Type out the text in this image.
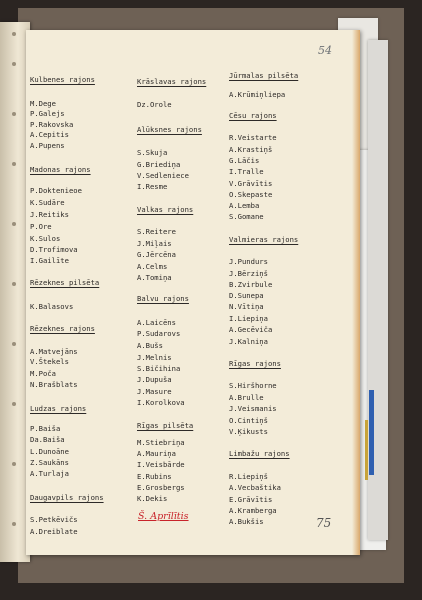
54
Kulbenes rajons
M.Dege
P.Galejs
P.Rakovska
A.Cepitis
A.Pupens
Madonas rajons
P.Doktenieoe
K.Sudāre
J.Reitiks
P.Ore
K.Sulos
D.Trofimova
I.Gailīte
Rēzeknes pilsēta
K.Balasovs
Rēzeknes rajons
A.Matvejāns
V.Štekels
M.Poča
N.Brašblats
Ludzas rajons
P.Baiša
Da.Baiša
L.Dunoāne
Z.Saukāns
A.Turlaja
Daugavpils rajons
S.Petkēvičs
A.Dreiblate
Krāslavas rajons
Dz.Orole
Alūksnes rajons
S.Skuja
G.Briediņa
V.Sedleniece
I.Resme
Valkas rajons
S.Reitere
J.Miļais
G.Jērcēna
A.Celms
A.Tomiņa
Balvu rajons
A.Laicēns
P.Sudarovs
A.Bušs
J.Melnis
S.Bičihina
J.Dupuša
J.Masure
I.Korolkova
Rīgas pilsēta
M.Stiebriņa
A.Mauriņa
I.Veisbārde
E.Rubins
E.Grosbergs
K.Dekis
Jūrmalas pilsēta
A.Krūmiņliepa
Cēsu rajons
R.Veistarte
A.Krastiņš
G.Lāčis
I.Tralle
V.Grāvītis
O.Skepaste
A.Lemba
S.Gomane
Valmieras rajons
J.Pundurs
J.Bērziņš
B.Zvirbule
D.Sunepa
N.Vītiņa
I.Liepiņa
A.Gecēviča
J.Kalniņa
Rīgas rajons
S.Hiršhorne
A.Brulle
J.Veismanis
O.Cintiņš
V.Ķikusts
Limbažu rajons
R.Liepiņš
A.Vecbaštika
E.Grāvītis
A.Kramberga
A.Bukšis
Š. Aprīlītis	75
